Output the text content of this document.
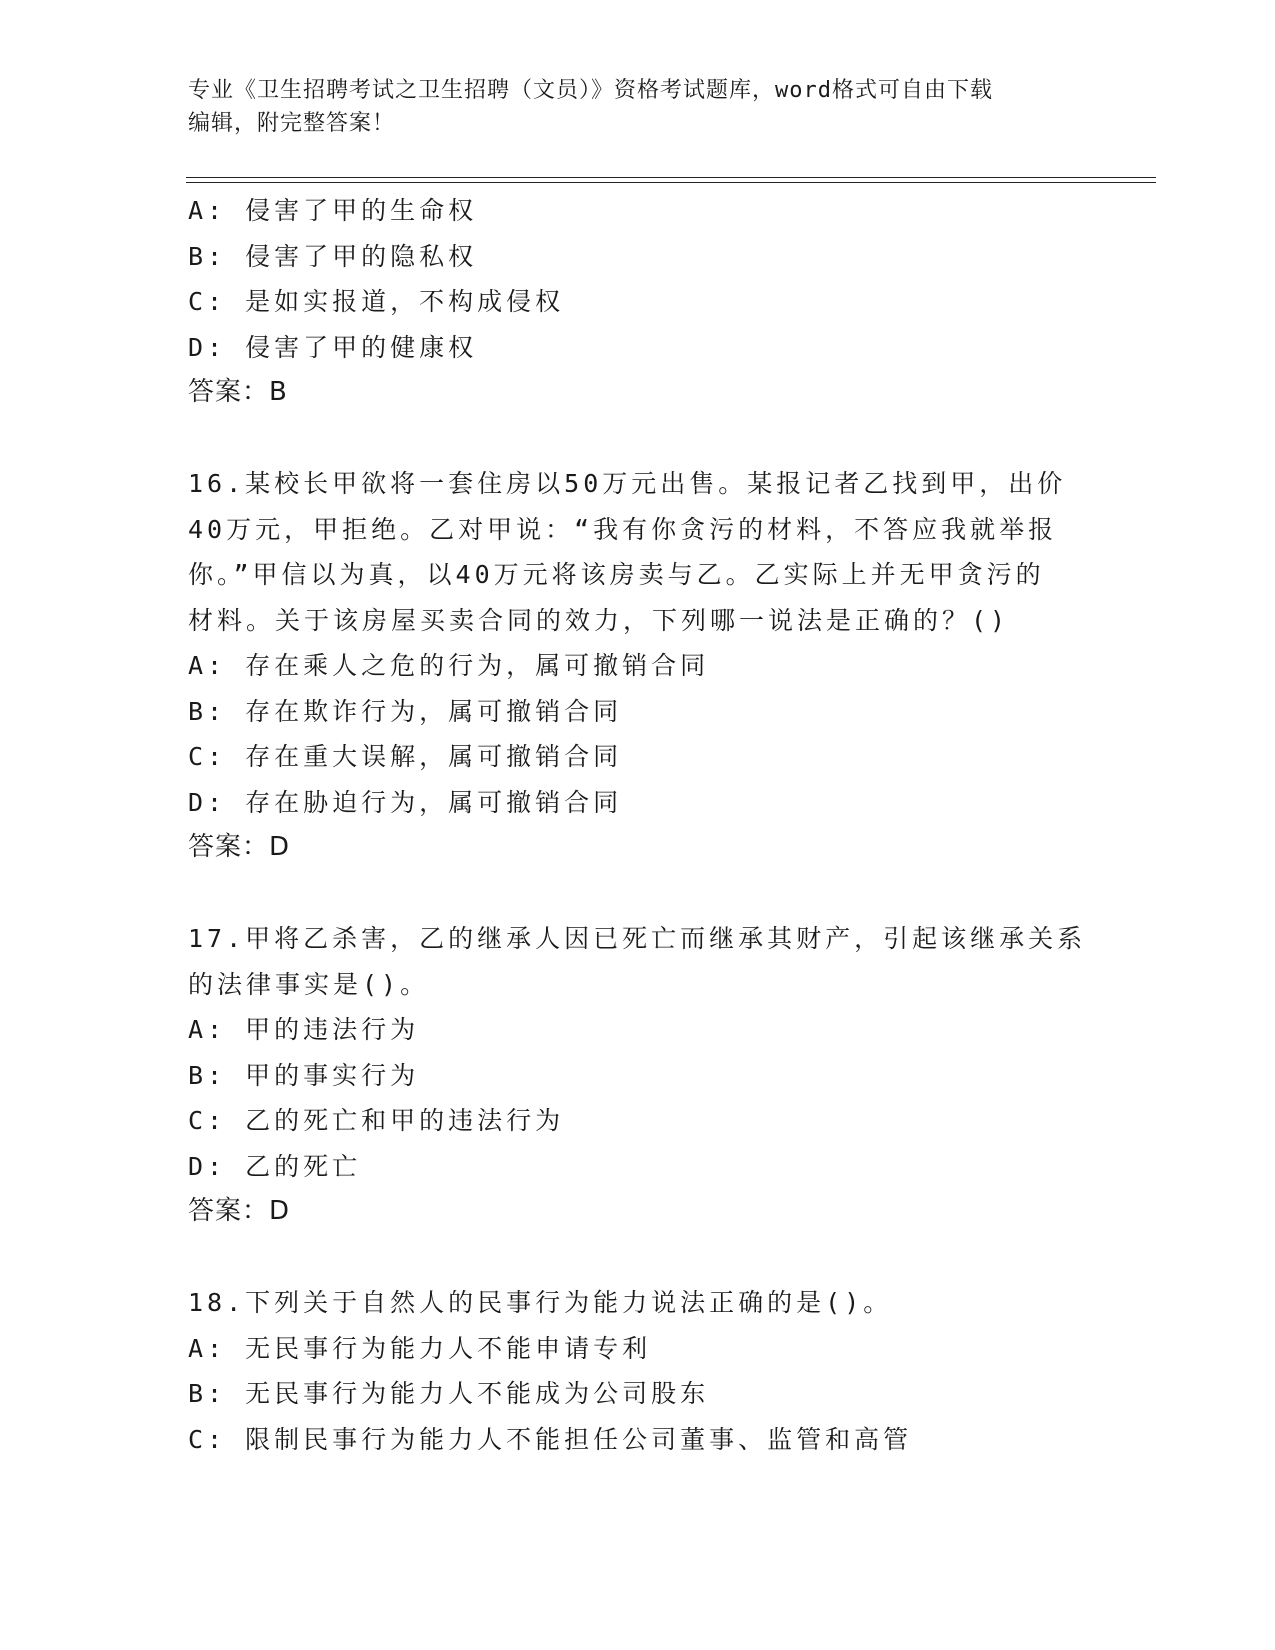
专业《卫生招聘考试之卫生招聘（文员）》资格考试题库，word格式可自由下载
编辑，附完整答案！
A: 侵害了甲的生命权
B: 侵害了甲的隐私权
C: 是如实报道，不构成侵权
D: 侵害了甲的健康权
答案：B
16.某校长甲欲将一套住房以50万元出售。某报记者乙找到甲，出价
40万元，甲拒绝。乙对甲说：“我有你贪污的材料，不答应我就举报
你。”甲信以为真，以40万元将该房卖与乙。乙实际上并无甲贪污的
材料。关于该房屋买卖合同的效力，下列哪一说法是正确的？()
A: 存在乘人之危的行为，属可撤销合同
B: 存在欺诈行为，属可撤销合同
C: 存在重大误解，属可撤销合同
D: 存在胁迫行为，属可撤销合同
答案：D
17.甲将乙杀害，乙的继承人因已死亡而继承其财产，引起该继承关系
的法律事实是()。
A: 甲的违法行为
B: 甲的事实行为
C: 乙的死亡和甲的违法行为
D: 乙的死亡
答案：D
18.下列关于自然人的民事行为能力说法正确的是()。
A: 无民事行为能力人不能申请专利
B: 无民事行为能力人不能成为公司股东
C: 限制民事行为能力人不能担任公司董事、监管和高管
